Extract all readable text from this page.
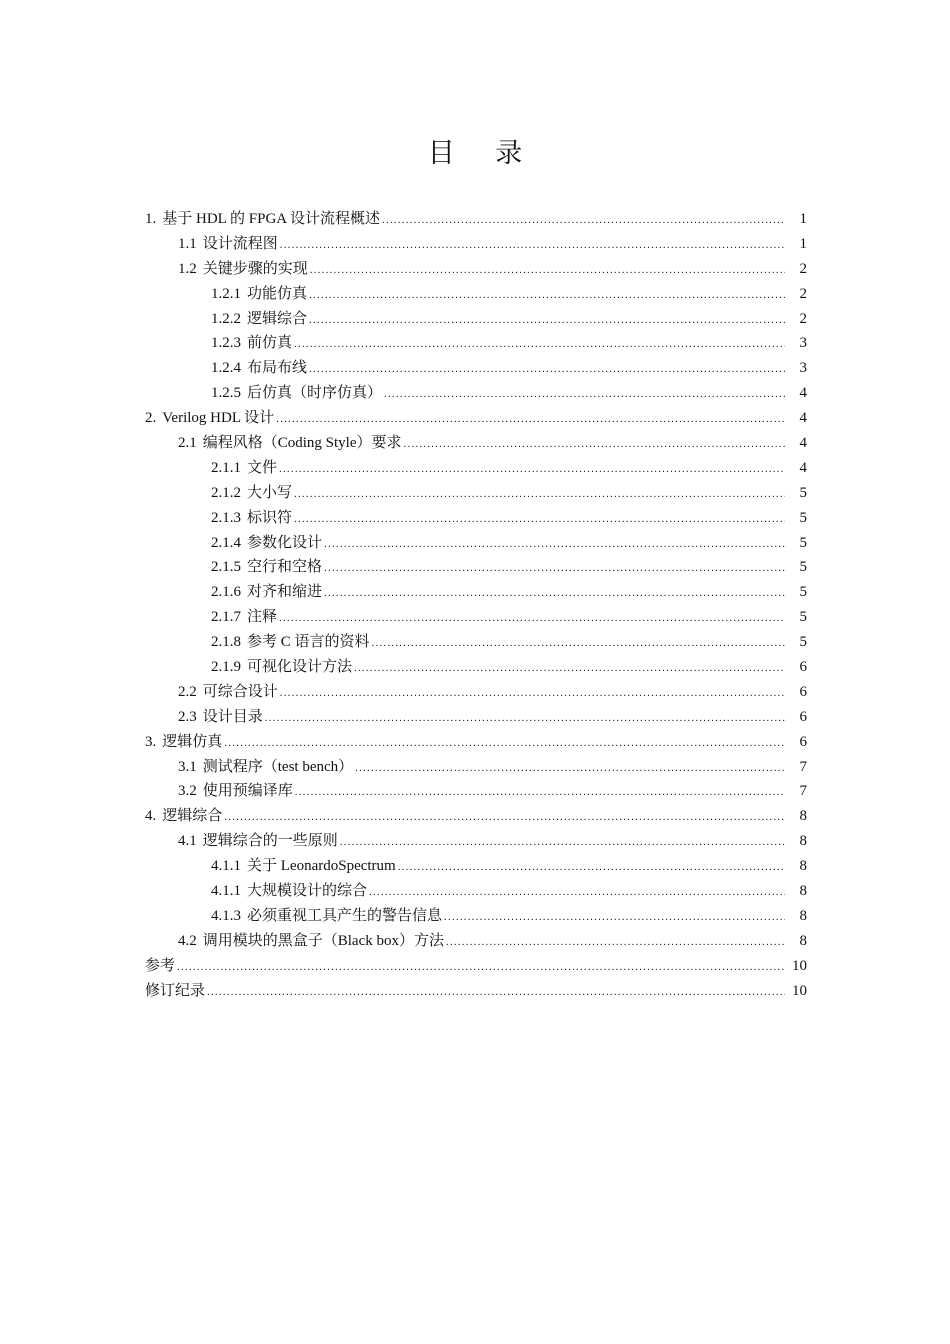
目 录
1. 基于 HDL 的 FPGA 设计流程概述 .....	1
1.1 设计流程图 .....	1
1.2 关键步骤的实现 .....	2
1.2.1 功能仿真 .....	2
1.2.2 逻辑综合 .....	2
1.2.3 前仿真 .....	3
1.2.4 布局布线 .....	3
1.2.5 后仿真（时序仿真） .....	4
2. Verilog HDL 设计 .....	4
2.1 编程风格（Coding Style）要求 .....	4
2.1.1 文件 .....	4
2.1.2 大小写 .....	5
2.1.3 标识符 .....	5
2.1.4 参数化设计 .....	5
2.1.5 空行和空格 .....	5
2.1.6 对齐和缩进 .....	5
2.1.7 注释 .....	5
2.1.8 参考 C 语言的资料 .....	5
2.1.9 可视化设计方法 .....	6
2.2 可综合设计 .....	6
2.3 设计目录 .....	6
3. 逻辑仿真 .....	6
3.1 测试程序（test bench） .....	7
3.2 使用预编译库 .....	7
4. 逻辑综合 .....	8
4.1 逻辑综合的一些原则 .....	8
4.1.1 关于 LeonardoSpectrum .....	8
4.1.1 大规模设计的综合 .....	8
4.1.3 必须重视工具产生的警告信息 .....	8
4.2 调用模块的黑盒子（Black box）方法 .....	8
参考 .....	10
修订纪录 .....	10
